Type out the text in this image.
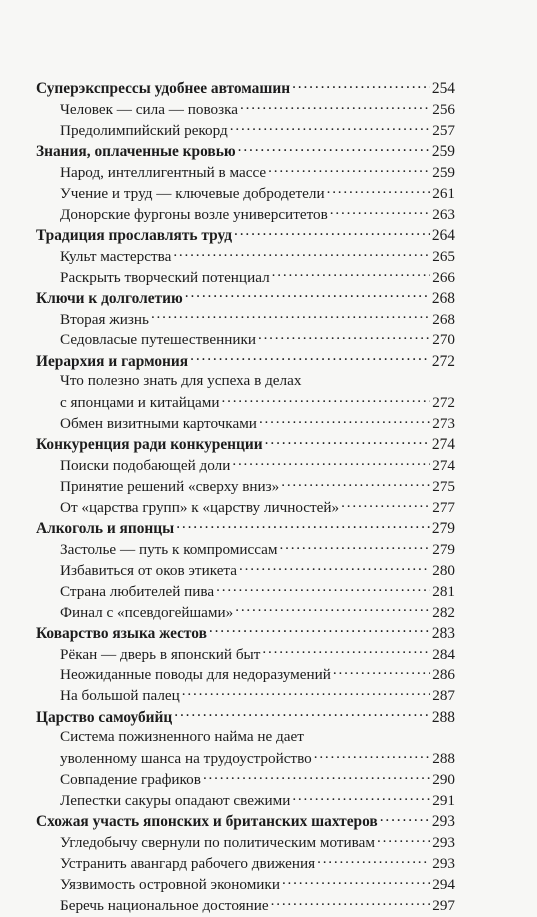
Суперэкспрессы удобнее автомашин . . .	254
Человек — сила — повозка . . .	256
Предолимпийский рекорд . . .	257
Знания, оплаченные кровью . . .	259
Народ, интеллигентный в массе . . .	259
Учение и труд — ключевые добродетели . . .	261
Донорские фургоны возле университетов . . .	263
Традиция прославлять труд . . .	264
Культ мастерства . . .	265
Раскрыть творческий потенциал . . .	266
Ключи к долголетию . . .	268
Вторая жизнь . . .	268
Седовласые путешественники . . .	270
Иерархия и гармония . . .	272
Что полезно знать для успеха в делах
с японцами и китайцами . . .	272
Обмен визитными карточками . . .	273
Конкуренция ради конкуренции . . .	274
Поиски подобающей доли . . .	274
Принятие решений «сверху вниз» . . .	275
От «царства групп» к «царству личностей» . . .	277
Алкоголь и японцы . . .	279
Застолье — путь к компромиссам . . .	279
Избавиться от оков этикета . . .	280
Страна любителей пива . . .	281
Финал с «псевдогейшами» . . .	282
Коварство языка жестов . . .	283
Рёкан — дверь в японский быт . . .	284
Неожиданные поводы для недоразумений . . .	286
На большой палец . . .	287
Царство самоубийц . . .	288
Система пожизненного найма не дает
уволенному шанса на трудоустройство . . .	288
Совпадение графиков . . .	290
Лепестки сакуры опадают свежими . . .	291
Схожая участь японских и британских шахтеров . . .	293
Угледобычу свернули по политическим мотивам . . .	293
Устранить авангард рабочего движения . . .	293
Уязвимость островной экономики . . .	294
Беречь национальное достояние . . .	297
